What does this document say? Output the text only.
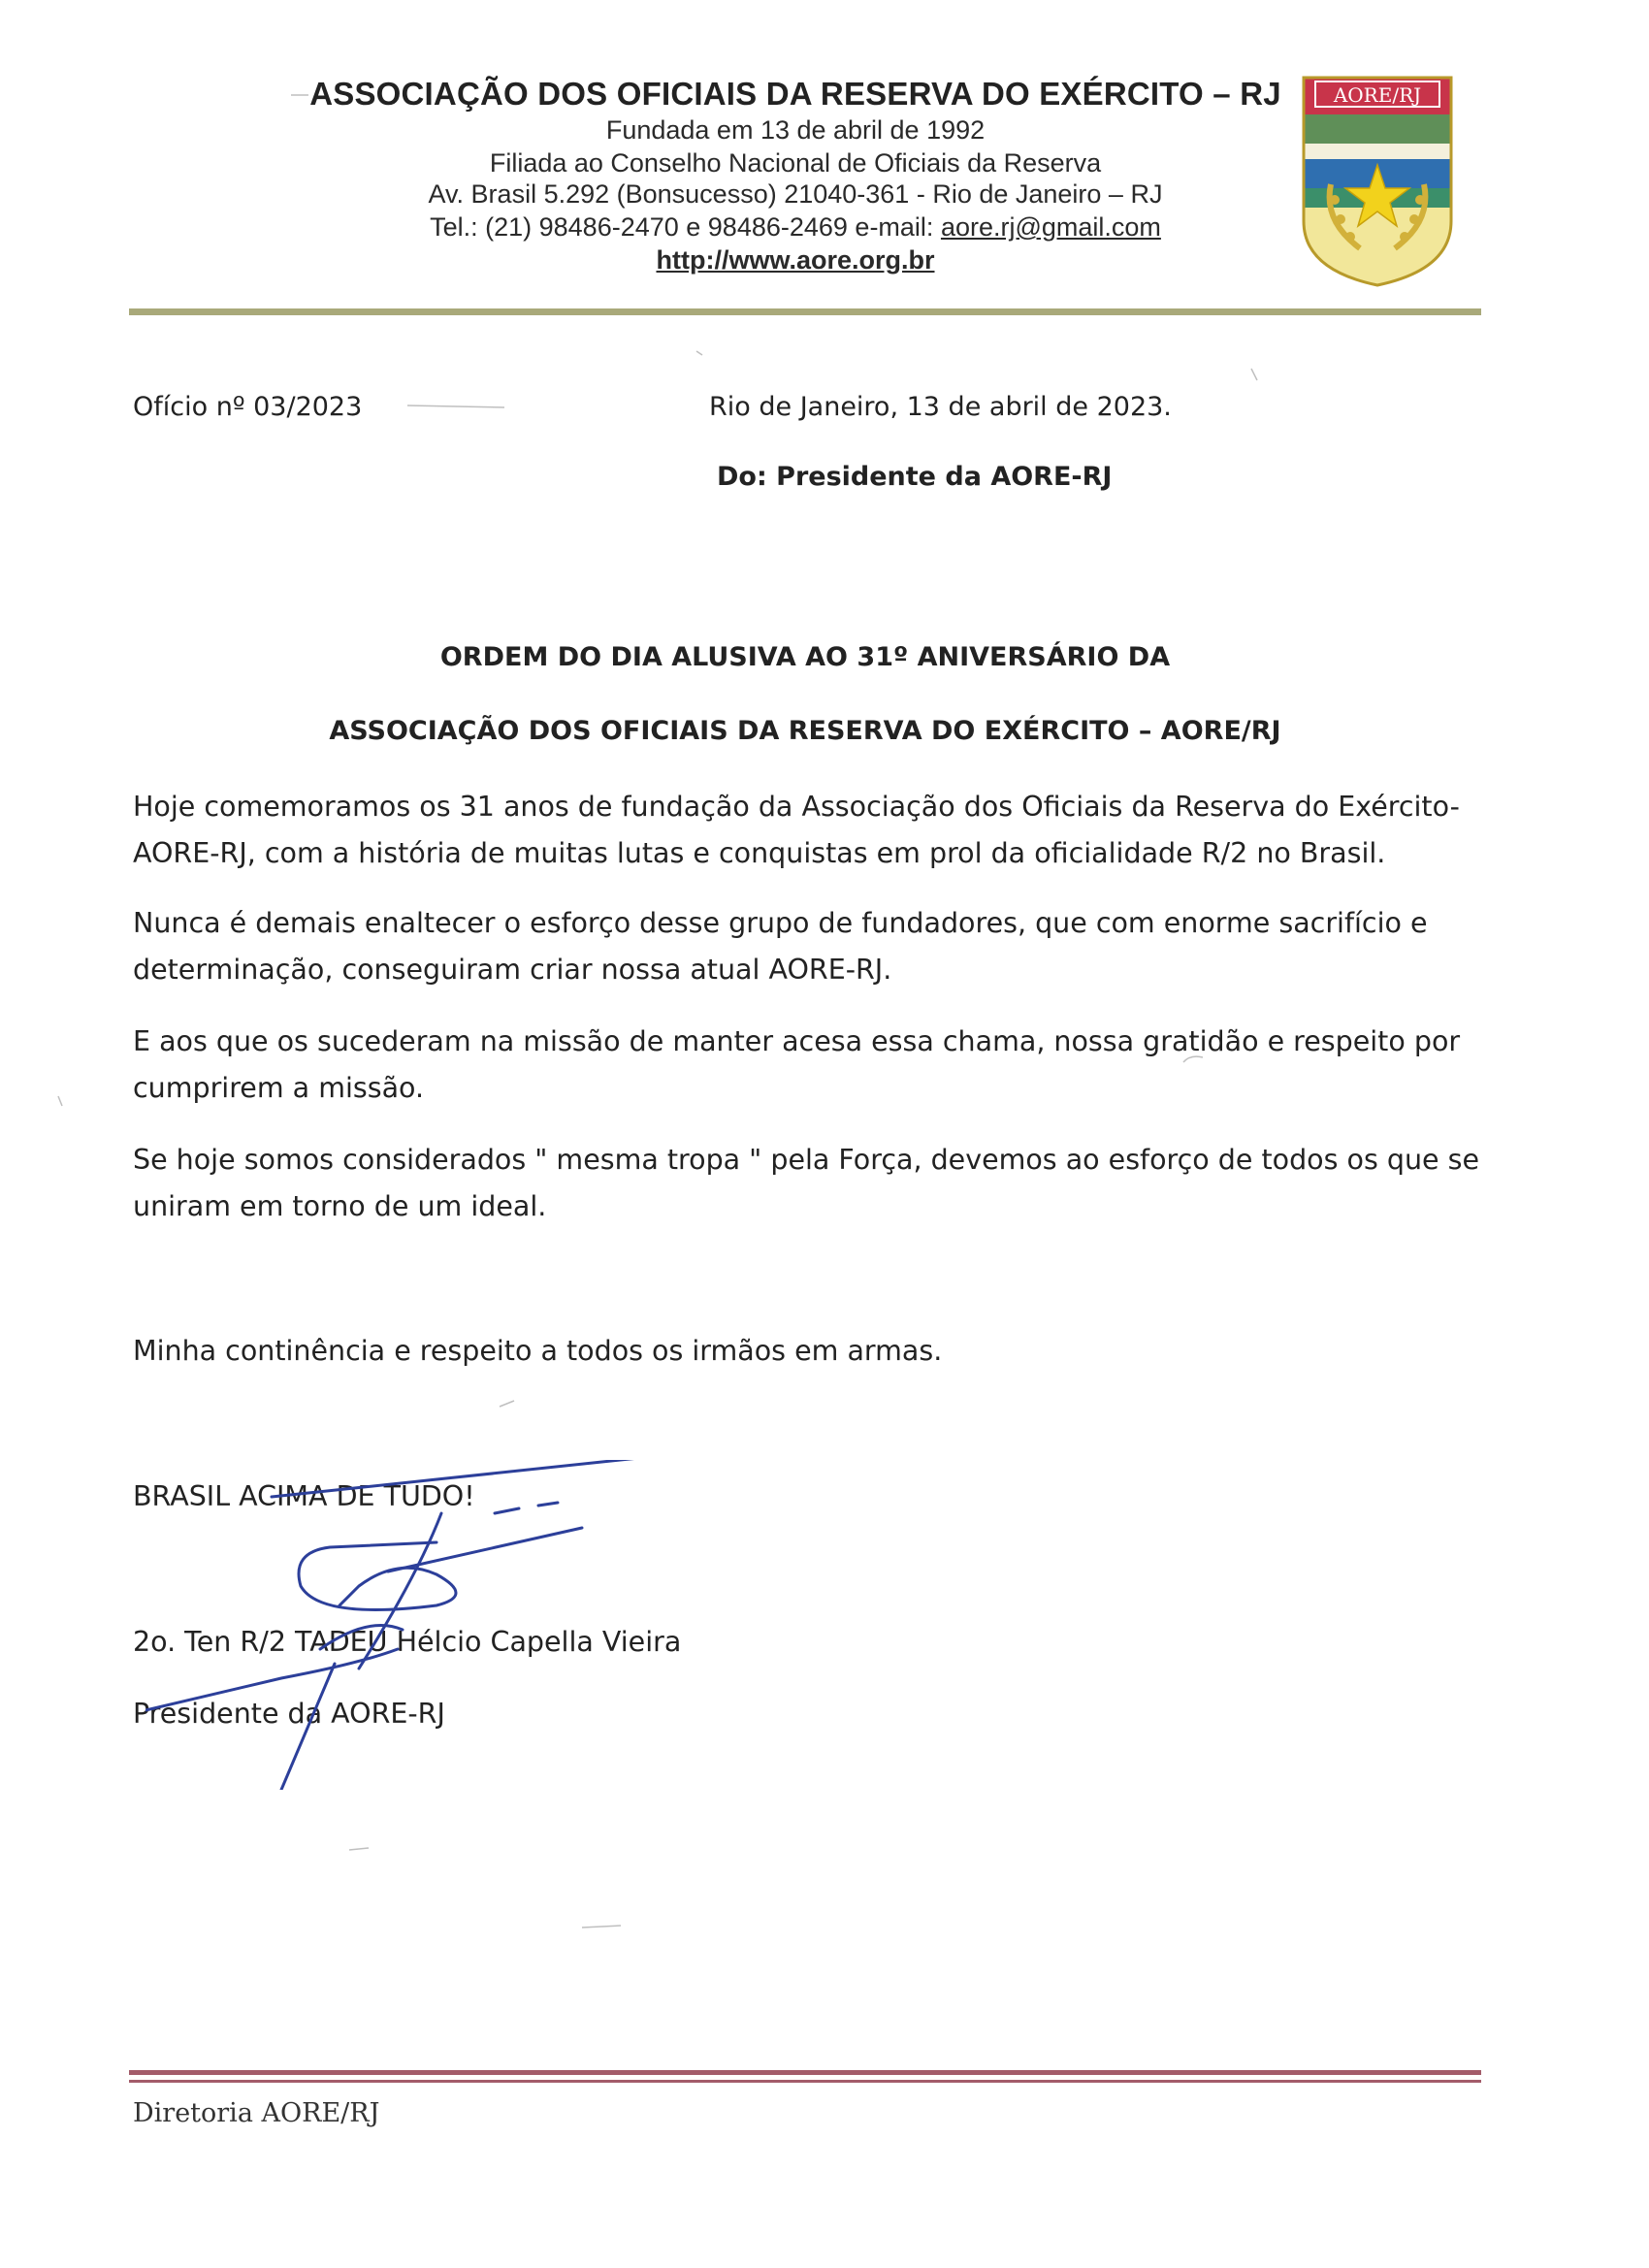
ASSOCIAÇÃO DOS OFICIAIS DA RESERVA DO EXÉRCITO – RJ
Fundada em 13 de abril de 1992
Filiada ao Conselho Nacional de Oficiais da Reserva
Av. Brasil 5.292 (Bonsucesso) 21040-361 - Rio de Janeiro – RJ
Tel.: (21) 98486-2470 e 98486-2469 e-mail: aore.rj@gmail.com
http://www.aore.org.br
AORE/RJ
Ofício nº 03/2023	Rio de Janeiro, 13 de abril de 2023.
Do: Presidente da AORE-RJ
ORDEM DO DIA ALUSIVA AO 31º ANIVERSÁRIO DA
ASSOCIAÇÃO DOS OFICIAIS DA RESERVA DO EXÉRCITO – AORE/RJ
Hoje comemoramos os 31 anos de fundação da Associação dos Oficiais da Reserva do Exército- AORE-RJ, com a história de muitas lutas e conquistas em prol da oficialidade R/2 no Brasil.
Nunca é demais enaltecer o esforço desse grupo de fundadores, que com enorme sacrifício e determinação, conseguiram criar nossa atual AORE-RJ.
E aos que os sucederam na missão de manter acesa essa chama, nossa gratidão e respeito por cumprirem a missão.
Se hoje somos considerados " mesma tropa " pela Força, devemos ao esforço de todos os que se uniram em torno de um ideal.
Minha continência e respeito a todos os irmãos em armas.
BRASIL ACIMA DE TUDO!
2o. Ten R/2 TADEU Hélcio Capella Vieira
Presidente da AORE-RJ
Diretoria AORE/RJ
